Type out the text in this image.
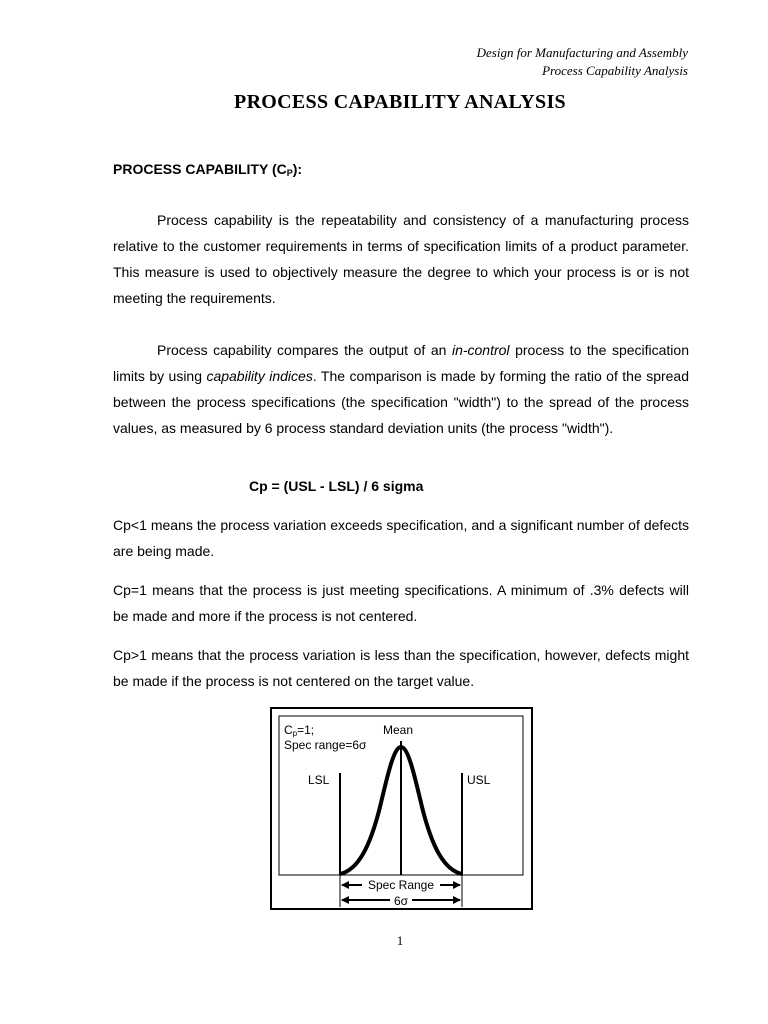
Design for Manufacturing and Assembly
Process Capability Analysis
PROCESS CAPABILITY ANALYSIS
PROCESS CAPABILITY $(C_P)$:

Process capability is the repeatability and consistency of a manufacturing process relative to the customer requirements in terms of specification limits of a product parameter. This measure is used to objectively measure the degree to which your process is or is not meeting the requirements.

Process capability compares the output of an in-control process to the specification limits by using capability indices. The comparison is made by forming the ratio of the spread between the process specifications (the specification "width") to the spread of the process values, as measured by 6 process standard deviation units (the process "width").

Cp = (USL - LSL) / 6 sigma

Cp<1 means the process variation exceeds specification, and a significant number of defects are being made.

Cp=1 means that the process is just meeting specifications. A minimum of .3% defects will be made and more if the process is not centered.

Cp>1 means that the process variation is less than the specification, however, defects might be made if the process is not centered on the target value.

Cp=1;
Spec range=6σ
Mean
LSL	USL
Spec Range
6σ
1
